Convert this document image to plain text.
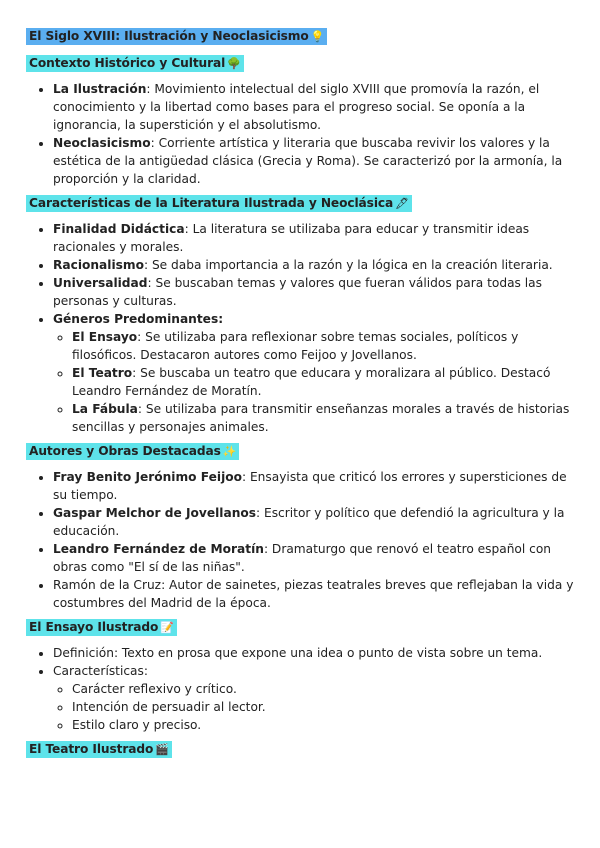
El Siglo XVIII: Ilustración y Neoclasicismo 💡
Contexto Histórico y Cultural 🌳
• La Ilustración: Movimiento intelectual del siglo XVIII que promovía la razón, el conocimiento y la libertad como bases para el progreso social. Se oponía a la ignorancia, la superstición y el absolutismo.
• Neoclasicismo: Corriente artística y literaria que buscaba revivir los valores y la estética de la antigüedad clásica (Grecia y Roma). Se caracterizó por la armonía, la proporción y la claridad.
Características de la Literatura Ilustrada y Neoclásica 🖋
• Finalidad Didáctica: La literatura se utilizaba para educar y transmitir ideas racionales y morales.
• Racionalismo: Se daba importancia a la razón y la lógica en la creación literaria.
• Universalidad: Se buscaban temas y valores que fueran válidos para todas las personas y culturas.
• Géneros Predominantes:
◦ El Ensayo: Se utilizaba para reflexionar sobre temas sociales, políticos y filosóficos. Destacaron autores como Feijoo y Jovellanos.
◦ El Teatro: Se buscaba un teatro que educara y moralizara al público. Destacó Leandro Fernández de Moratín.
◦ La Fábula: Se utilizaba para transmitir enseñanzas morales a través de historias sencillas y personajes animales.
Autores y Obras Destacadas ✨
• Fray Benito Jerónimo Feijoo: Ensayista que criticó los errores y supersticiones de su tiempo.
• Gaspar Melchor de Jovellanos: Escritor y político que defendió la agricultura y la educación.
• Leandro Fernández de Moratín: Dramaturgo que renovó el teatro español con obras como "El sí de las niñas".
• Ramón de la Cruz: Autor de sainetes, piezas teatrales breves que reflejaban la vida y costumbres del Madrid de la época.
El Ensayo Ilustrado 📝
• Definición: Texto en prosa que expone una idea o punto de vista sobre un tema.
• Características:
◦ Carácter reflexivo y crítico.
◦ Intención de persuadir al lector.
◦ Estilo claro y preciso.
El Teatro Ilustrado 🎬
